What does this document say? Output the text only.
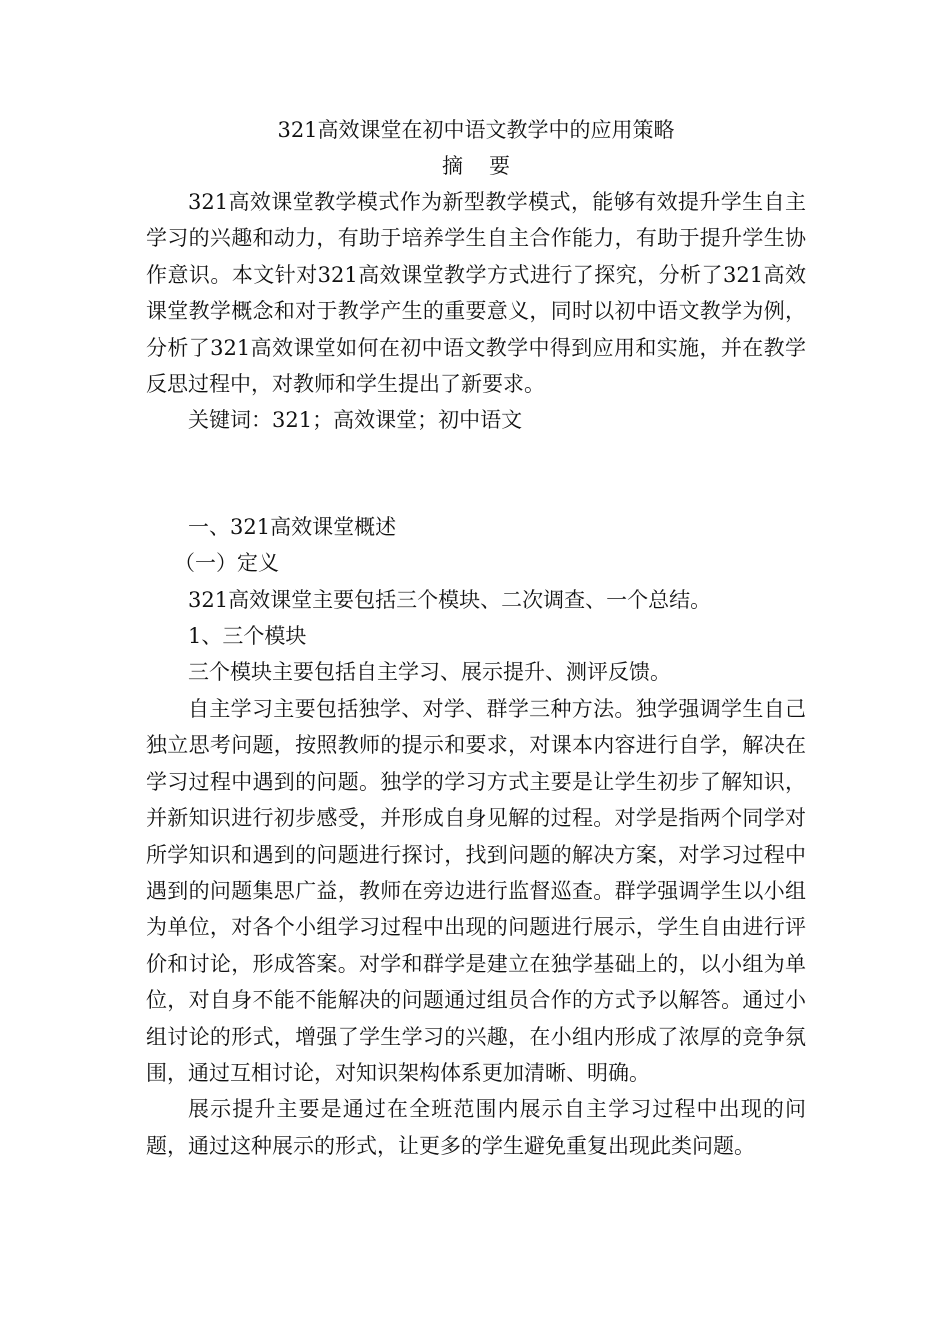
321高效课堂在初中语文教学中的应用策略

摘要

321高效课堂教学模式作为新型教学模式，能够有效提升学生自主学习的兴趣和动力，有助于培养学生自主合作能力，有助于提升学生协作意识。本文针对321高效课堂教学方式进行了探究，分析了321高效课堂教学概念和对于教学产生的重要意义，同时以初中语文教学为例，分析了321高效课堂如何在初中语文教学中得到应用和实施，并在教学反思过程中，对教师和学生提出了新要求。

关键词：321；高效课堂；初中语文

一、321高效课堂概述

（一）定义

321高效课堂主要包括三个模块、二次调查、一个总结。

1、三个模块

三个模块主要包括自主学习、展示提升、测评反馈。

自主学习主要包括独学、对学、群学三种方法。独学强调学生自己独立思考问题，按照教师的提示和要求，对课本内容进行自学，解决在学习过程中遇到的问题。独学的学习方式主要是让学生初步了解知识，并新知识进行初步感受，并形成自身见解的过程。对学是指两个同学对所学知识和遇到的问题进行探讨，找到问题的解决方案，对学习过程中遇到的问题集思广益，教师在旁边进行监督巡查。群学强调学生以小组为单位，对各个小组学习过程中出现的问题进行展示，学生自由进行评价和讨论，形成答案。对学和群学是建立在独学基础上的，以小组为单位，对自身不能不能解决的问题通过组员合作的方式予以解答。通过小组讨论的形式，增强了学生学习的兴趣，在小组内形成了浓厚的竞争氛围，通过互相讨论，对知识架构体系更加清晰、明确。

展示提升主要是通过在全班范围内展示自主学习过程中出现的问题，通过这种展示的形式，让更多的学生避免重复出现此类问题。
